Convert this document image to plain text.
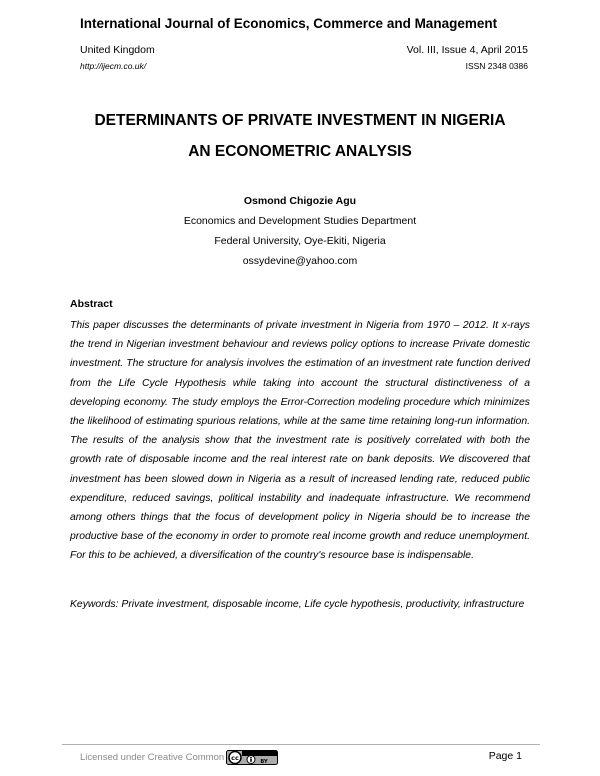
International Journal of Economics, Commerce and Management
United Kingdom	Vol. III, Issue 4, April 2015
http://ijecm.co.uk/	ISSN 2348 0386
DETERMINANTS OF PRIVATE INVESTMENT IN NIGERIA
AN ECONOMETRIC ANALYSIS
Osmond Chigozie Agu
Economics and Development Studies Department
Federal University, Oye-Ekiti, Nigeria
ossydevine@yahoo.com
Abstract

This paper discusses the determinants of private investment in Nigeria from 1970 – 2012. It x-rays the trend in Nigerian investment behaviour and reviews policy options to increase Private domestic investment. The structure for analysis involves the estimation of an investment rate function derived from the Life Cycle Hypothesis while taking into account the structural distinctiveness of a developing economy. The study employs the Error-Correction modeling procedure which minimizes the likelihood of estimating spurious relations, while at the same time retaining long-run information. The results of the analysis show that the investment rate is positively correlated with both the growth rate of disposable income and the real interest rate on bank deposits. We discovered that investment has been slowed down in Nigeria as a result of increased lending rate, reduced public expenditure, reduced savings, political instability and inadequate infrastructure. We recommend among others things that the focus of development policy in Nigeria should be to increase the productive base of the economy in order to promote real income growth and reduce unemployment. For this to be achieved, a diversification of the country's resource base is indispensable.

Keywords: Private investment, disposable income, Life cycle hypothesis, productivity, infrastructure

Licensed under Creative Common cc	BY	Page 1
